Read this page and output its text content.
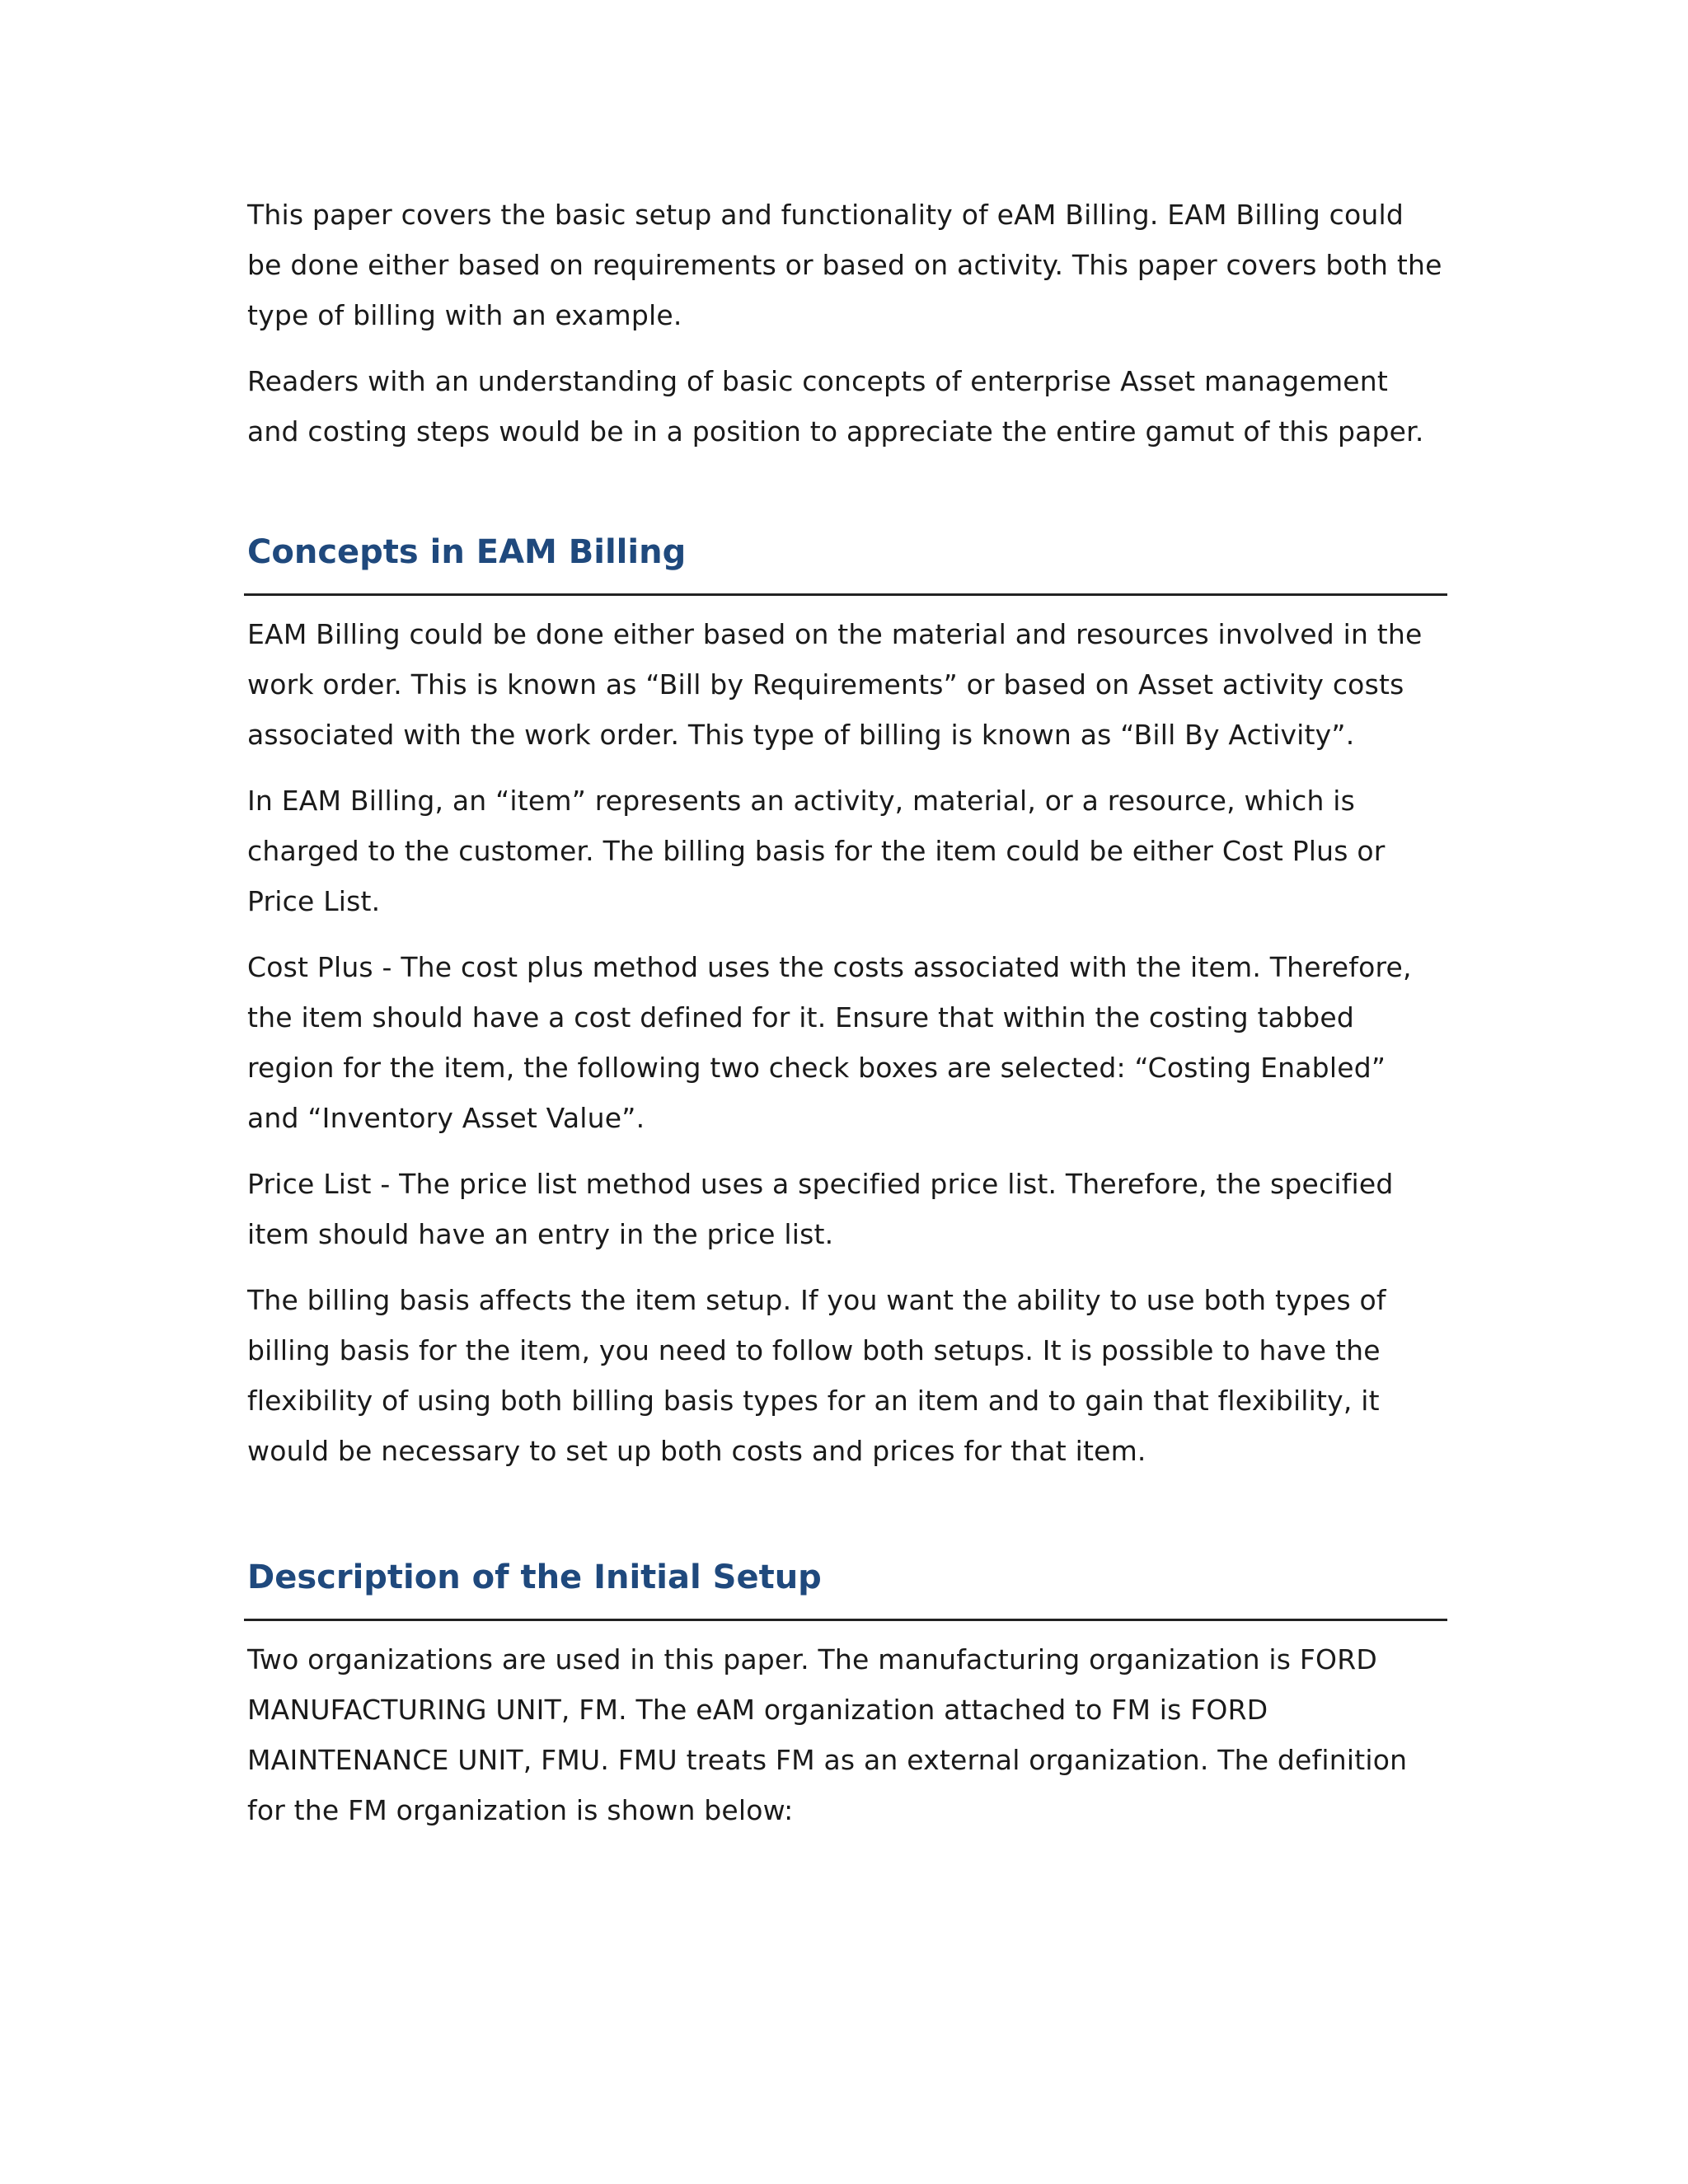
This paper covers the basic setup and functionality of eAM Billing. EAM Billing could be done either based on requirements or based on activity. This paper covers both the type of billing with an example.

Readers with an understanding of basic concepts of enterprise Asset management and costing steps would be in a position to appreciate the entire gamut of this paper.

Concepts in EAM Billing

EAM Billing could be done either based on the material and resources involved in the work order. This is known as “Bill by Requirements” or based on Asset activity costs associated with the work order. This type of billing is known as “Bill By Activity”.

In EAM Billing, an “item” represents an activity, material, or a resource, which is charged to the customer. The billing basis for the item could be either Cost Plus or Price List.

Cost Plus - The cost plus method uses the costs associated with the item. Therefore, the item should have a cost defined for it. Ensure that within the costing tabbed region for the item, the following two check boxes are selected: “Costing Enabled” and “Inventory Asset Value”.

Price List - The price list method uses a specified price list. Therefore, the specified item should have an entry in the price list.

The billing basis affects the item setup. If you want the ability to use both types of billing basis for the item, you need to follow both setups. It is possible to have the flexibility of using both billing basis types for an item and to gain that flexibility, it would be necessary to set up both costs and prices for that item.

Description of the Initial Setup

Two organizations are used in this paper. The manufacturing organization is FORD MANUFACTURING UNIT, FM. The eAM organization attached to FM is FORD MAINTENANCE UNIT, FMU. FMU treats FM as an external organization. The definition for the FM organization is shown below:
